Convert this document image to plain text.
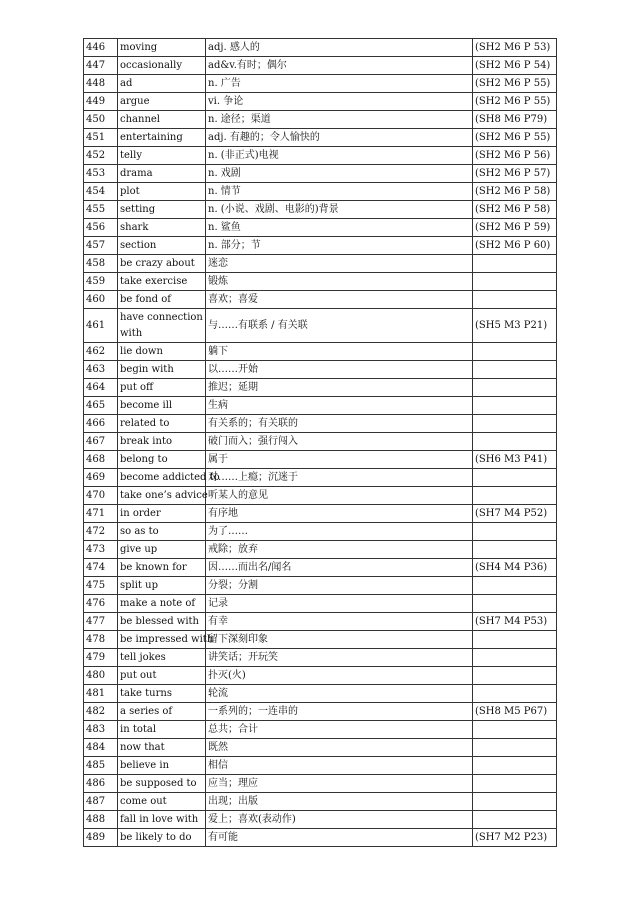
446	moving	adj. 感人的	(SH2 M6 P 53)
447	occasionally	ad&v.有时；偶尔	(SH2 M6 P 54)
448	ad	n. 广告	(SH2 M6 P 55)
449	argue	vi. 争论	(SH2 M6 P 55)
450	channel	n. 途径；渠道	(SH8 M6 P79)
451	entertaining	adj. 有趣的；令人愉快的	(SH2 M6 P 55)
452	telly	n. (非正式)电视	(SH2 M6 P 56)
453	drama	n. 戏剧	(SH2 M6 P 57)
454	plot	n. 情节	(SH2 M6 P 58)
455	setting	n. (小说、戏剧、电影的)背景	(SH2 M6 P 58)
456	shark	n. 鲨鱼	(SH2 M6 P 59)
457	section	n. 部分；节	(SH2 M6 P 60)
458	be crazy about	迷恋	
459	take exercise	锻炼	
460	be fond of	喜欢；喜爱	
461	have connection with	与……有联系 / 有关联	(SH5 M3 P21)
462	lie down	躺下	
463	begin with	以……开始	
464	put off	推迟；延期	
465	become ill	生病	
466	related to	有关系的；有关联的	
467	break into	破门而入；强行闯入	
468	belong to	属于	(SH6 M3 P41)
469	become addicted to	对……上瘾；沉迷于	
470	take one’s advice	听某人的意见	
471	in order	有序地	(SH7 M4 P52)
472	so as to	为了……	
473	give up	戒除；放弃	
474	be known for	因……而出名/闻名	(SH4 M4 P36)
475	split up	分裂；分割	
476	make a note of	记录	
477	be blessed with	有幸	(SH7 M4 P53)
478	be impressed with	留下深刻印象	
479	tell jokes	讲笑话；开玩笑	
480	put out	扑灭(火)	
481	take turns	轮流	
482	a series of	一系列的；一连串的	(SH8 M5 P67)
483	in total	总共；合计	
484	now that	既然	
485	believe in	相信	
486	be supposed to	应当；理应	
487	come out	出现；出版	
488	fall in love with	爱上；喜欢(表动作)	
489	be likely to do	有可能	(SH7 M2 P23)
